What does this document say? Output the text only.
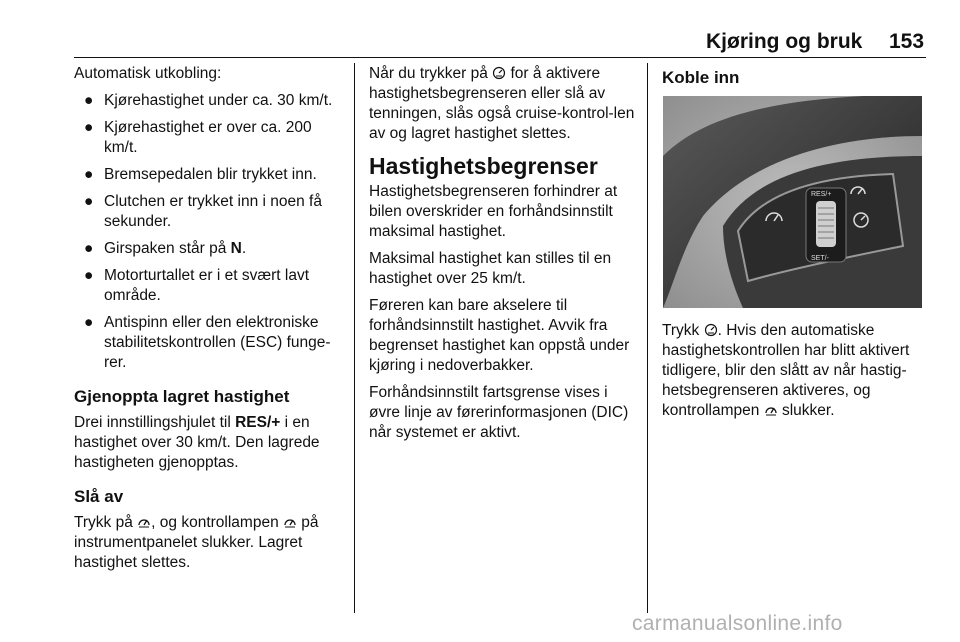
Kjøring og bruk 153

Automatisk utkobling:

● Kjørehastighet under ca. 30 km/t.
● Kjørehastighet er over ca. 200 km/t.
● Bremsepedalen blir trykket inn.
● Clutchen er trykket inn i noen få sekunder.
● Girspaken står på N.
● Motorturtallet er i et svært lavt område.
● Antispinn eller den elektroniske stabilitetskontrollen (ESC) funge-rer.
Gjenoppta lagret hastighet

Drei innstillingshjulet til RES/+ i en hastighet over 30 km/t. Den lagrede hastigheten gjenopptas.

Slå av

Trykk på , og kontrollampen  på instrumentpanelet slukker. Lagret hastighet slettes.

Når du trykker på  for å aktivere hastighetsbegrenseren eller slå av tenningen, slås også cruise-kontrol-len av og lagret hastighet slettes.

Hastighetsbegrenser

Hastighetsbegrenseren forhindrer at bilen overskrider en forhåndsinnstilt maksimal hastighet.

Maksimal hastighet kan stilles til en hastighet over 25 km/t.

Føreren kan bare akselere til forhåndsinnstilt hastighet. Avvik fra begrenset hastighet kan oppstå under kjøring i nedoverbakker.

Forhåndsinnstilt fartsgrense vises i øvre linje av førerinformasjonen (DIC) når systemet er aktivt.

Koble inn
RES/+
SET/-

Trykk . Hvis den automatiske hastighetskontrollen har blitt aktivert tidligere, blir den slått av når hastig-hetsbegrenseren aktiveres, og kontrollampen  slukker.

carmanualsonline.info
